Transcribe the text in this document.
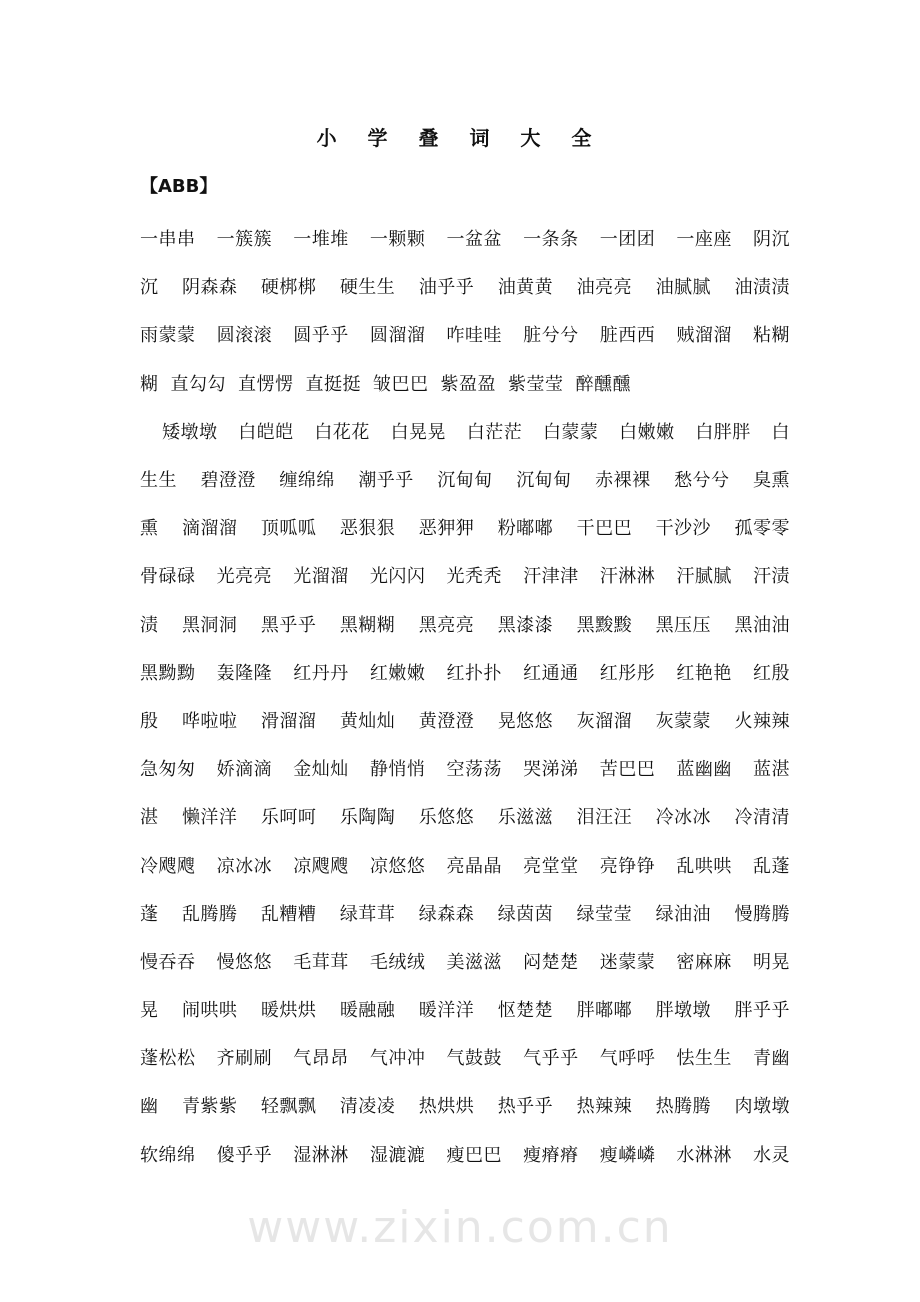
小 学 叠 词 大 全
【ABB】
一串串 一簇簇 一堆堆 一颗颗 一盆盆 一条条 一团团 一座座 阴沉
沉 阴森森 硬梆梆 硬生生 油乎乎 油黄黄 油亮亮 油腻腻 油渍渍
雨蒙蒙 圆滚滚 圆乎乎 圆溜溜 咋哇哇 脏兮兮 脏西西 贼溜溜 粘糊
糊 直勾勾 直愣愣 直挺挺 皱巴巴 紫盈盈 紫莹莹 醉醺醺
矮墩墩 白皑皑 白花花 白晃晃 白茫茫 白蒙蒙 白嫩嫩 白胖胖 白
生生 碧澄澄 缠绵绵 潮乎乎 沉甸甸 沉甸甸 赤裸裸 愁兮兮 臭熏
熏 滴溜溜 顶呱呱 恶狠狠 恶狎狎 粉嘟嘟 干巴巴 干沙沙 孤零零
骨碌碌 光亮亮 光溜溜 光闪闪 光秃秃 汗津津 汗淋淋 汗腻腻 汗渍
渍 黑洞洞 黑乎乎 黑糊糊 黑亮亮 黑漆漆 黑黢黢 黑压压 黑油油
黑黝黝 轰隆隆 红丹丹 红嫩嫩 红扑扑 红通通 红彤彤 红艳艳 红殷
殷 哗啦啦 滑溜溜 黄灿灿 黄澄澄 晃悠悠 灰溜溜 灰蒙蒙 火辣辣
急匆匆 娇滴滴 金灿灿 静悄悄 空荡荡 哭涕涕 苦巴巴 蓝幽幽 蓝湛
湛 懒洋洋 乐呵呵 乐陶陶 乐悠悠 乐滋滋 泪汪汪 冷冰冰 冷清清
冷飕飕 凉冰冰 凉飕飕 凉悠悠 亮晶晶 亮堂堂 亮铮铮 乱哄哄 乱蓬
蓬 乱腾腾 乱糟糟 绿茸茸 绿森森 绿茵茵 绿莹莹 绿油油 慢腾腾
慢吞吞 慢悠悠 毛茸茸 毛绒绒 美滋滋 闷楚楚 迷蒙蒙 密麻麻 明晃
晃 闹哄哄 暖烘烘 暖融融 暖洋洋 怄楚楚 胖嘟嘟 胖墩墩 胖乎乎
蓬松松 齐刷刷 气昂昂 气冲冲 气鼓鼓 气乎乎 气呼呼 怯生生 青幽
幽 青紫紫 轻飘飘 清凌凌 热烘烘 热乎乎 热辣辣 热腾腾 肉墩墩
软绵绵 傻乎乎 湿淋淋 湿漉漉 瘦巴巴 瘦瘠瘠 瘦嶙嶙 水淋淋 水灵
www.zixin.com.cn
